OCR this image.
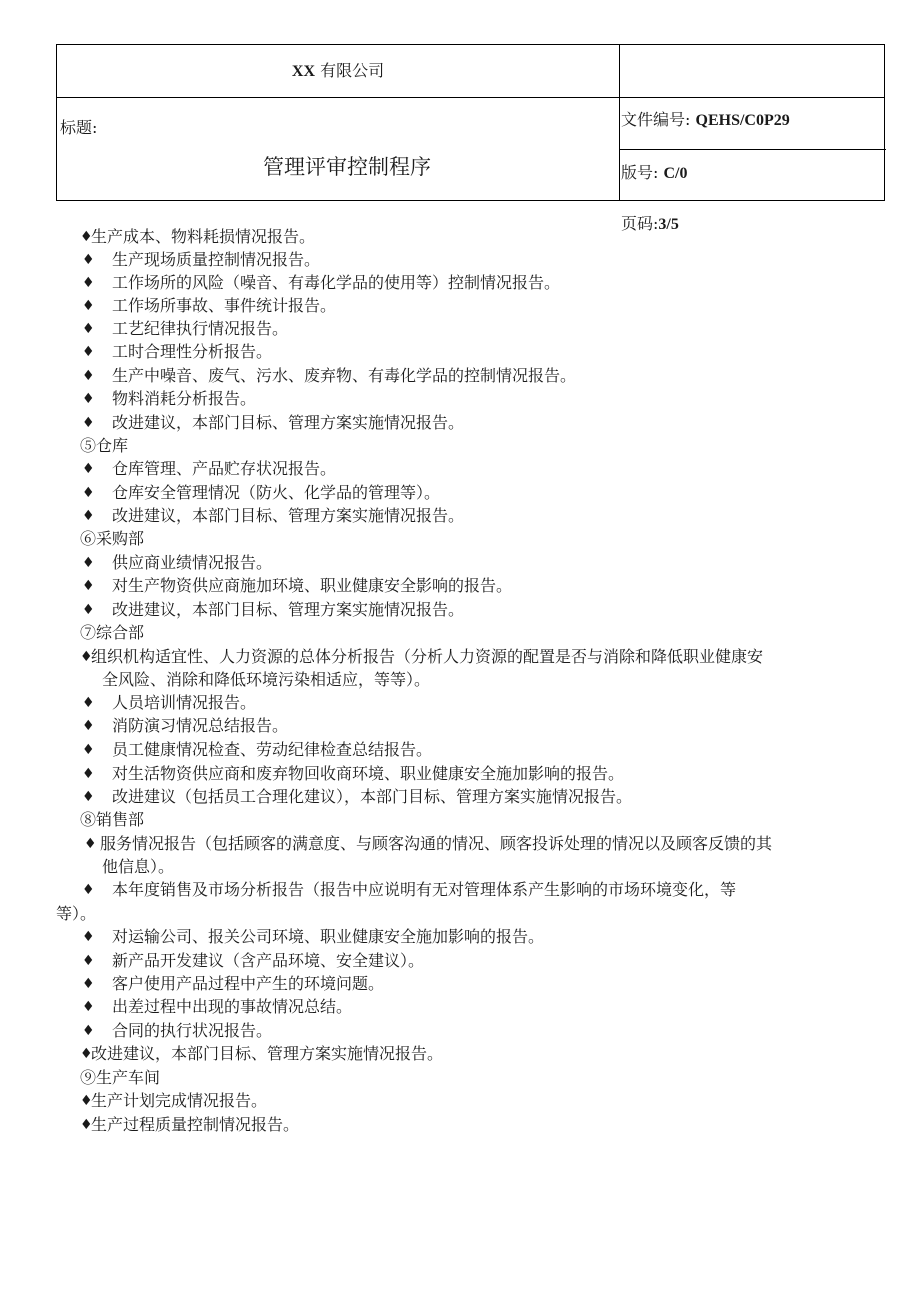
XX 有限公司
标题:	文件编号: QEHS/C0P29
版号: C/0
页码:3/5
管理评审控制程序
♦
生产成本、物料耗损情况报告。
♦ 生产现场质量控制情况报告。
♦ 工作场所的风险（噪音、有毒化学品的使用等）控制情况报告。
♦ 工作场所事故、事件统计报告。
♦ 工艺纪律执行情况报告。
♦ 工时合理性分析报告。
♦ 生产中噪音、废气、污水、废弃物、有毒化学品的控制情况报告。
♦ 物料消耗分析报告。
♦ 改进建议，本部门目标、管理方案实施情况报告。
⑤仓库
♦ 仓库管理、产品贮存状况报告。
♦ 仓库安全管理情况（防火、化学品的管理等）。
♦ 改进建议，本部门目标、管理方案实施情况报告。
⑥采购部
♦ 供应商业绩情况报告。
♦ 对生产物资供应商施加环境、职业健康安全影响的报告。
♦ 改进建议，本部门目标、管理方案实施情况报告。
⑦综合部
♦
组织机构适宜性、人力资源的总体分析报告（分析人力资源的配置是否与消除和降低职业健康安
全风险、消除和降低环境污染相适应，等等）。
♦ 人员培训情况报告。
♦ 消防演习情况总结报告。
♦ 员工健康情况检查、劳动纪律检查总结报告。
♦ 对生活物资供应商和废弃物回收商环境、职业健康安全施加影响的报告。
♦ 改进建议（包括员工合理化建议），本部门目标、管理方案实施情况报告。
⑧销售部
♦ 服务情况报告（包括顾客的满意度、与顾客沟通的情况、顾客投诉处理的情况以及顾客反馈的其
他信息）。
♦ 本年度销售及市场分析报告（报告中应说明有无对管理体系产生影响的市场环境变化，等
等）。
♦ 对运输公司、报关公司环境、职业健康安全施加影响的报告。
♦ 新产品开发建议（含产品环境、安全建议）。
♦ 客户使用产品过程中产生的环境问题。
♦ 出差过程中出现的事故情况总结。
♦ 合同的执行状况报告。
♦
改进建议，本部门目标、管理方案实施情况报告。
⑨生产车间
♦
生产计划完成情况报告。
♦
生产过程质量控制情况报告。
